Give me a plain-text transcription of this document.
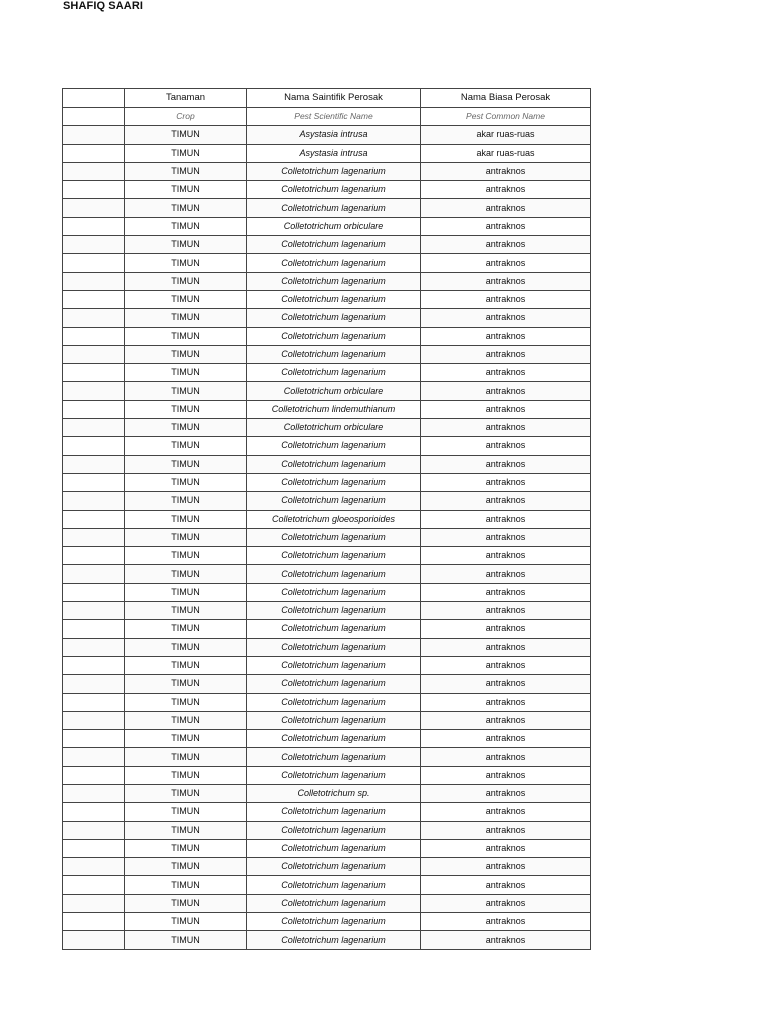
SHAFIQ SAARI
	Tanaman	Nama Saintifik Perosak	Nama Biasa Perosak
	Crop	Pest Scientific Name	Pest Common Name
	TIMUN	Asystasia intrusa	akar ruas-ruas
	TIMUN	Asystasia intrusa	akar ruas-ruas
	TIMUN	Colletotrichum lagenarium	antraknos
	TIMUN	Colletotrichum lagenarium	antraknos
	TIMUN	Colletotrichum lagenarium	antraknos
	TIMUN	Colletotrichum orbiculare	antraknos
	TIMUN	Colletotrichum lagenarium	antraknos
	TIMUN	Colletotrichum lagenarium	antraknos
	TIMUN	Colletotrichum lagenarium	antraknos
	TIMUN	Colletotrichum lagenarium	antraknos
	TIMUN	Colletotrichum lagenarium	antraknos
	TIMUN	Colletotrichum lagenarium	antraknos
	TIMUN	Colletotrichum lagenarium	antraknos
	TIMUN	Colletotrichum lagenarium	antraknos
	TIMUN	Colletotrichum orbiculare	antraknos
	TIMUN	Colletotrichum lindemuthianum	antraknos
	TIMUN	Colletotrichum orbiculare	antraknos
	TIMUN	Colletotrichum lagenarium	antraknos
	TIMUN	Colletotrichum lagenarium	antraknos
	TIMUN	Colletotrichum lagenarium	antraknos
	TIMUN	Colletotrichum lagenarium	antraknos
	TIMUN	Colletotrichum gloeosporioides	antraknos
	TIMUN	Colletotrichum lagenarium	antraknos
	TIMUN	Colletotrichum lagenarium	antraknos
	TIMUN	Colletotrichum lagenarium	antraknos
	TIMUN	Colletotrichum lagenarium	antraknos
	TIMUN	Colletotrichum lagenarium	antraknos
	TIMUN	Colletotrichum lagenarium	antraknos
	TIMUN	Colletotrichum lagenarium	antraknos
	TIMUN	Colletotrichum lagenarium	antraknos
	TIMUN	Colletotrichum lagenarium	antraknos
	TIMUN	Colletotrichum lagenarium	antraknos
	TIMUN	Colletotrichum lagenarium	antraknos
	TIMUN	Colletotrichum lagenarium	antraknos
	TIMUN	Colletotrichum lagenarium	antraknos
	TIMUN	Colletotrichum lagenarium	antraknos
	TIMUN	Colletotrichum sp.	antraknos
	TIMUN	Colletotrichum lagenarium	antraknos
	TIMUN	Colletotrichum lagenarium	antraknos
	TIMUN	Colletotrichum lagenarium	antraknos
	TIMUN	Colletotrichum lagenarium	antraknos
	TIMUN	Colletotrichum lagenarium	antraknos
	TIMUN	Colletotrichum lagenarium	antraknos
	TIMUN	Colletotrichum lagenarium	antraknos
	TIMUN	Colletotrichum lagenarium	antraknos
